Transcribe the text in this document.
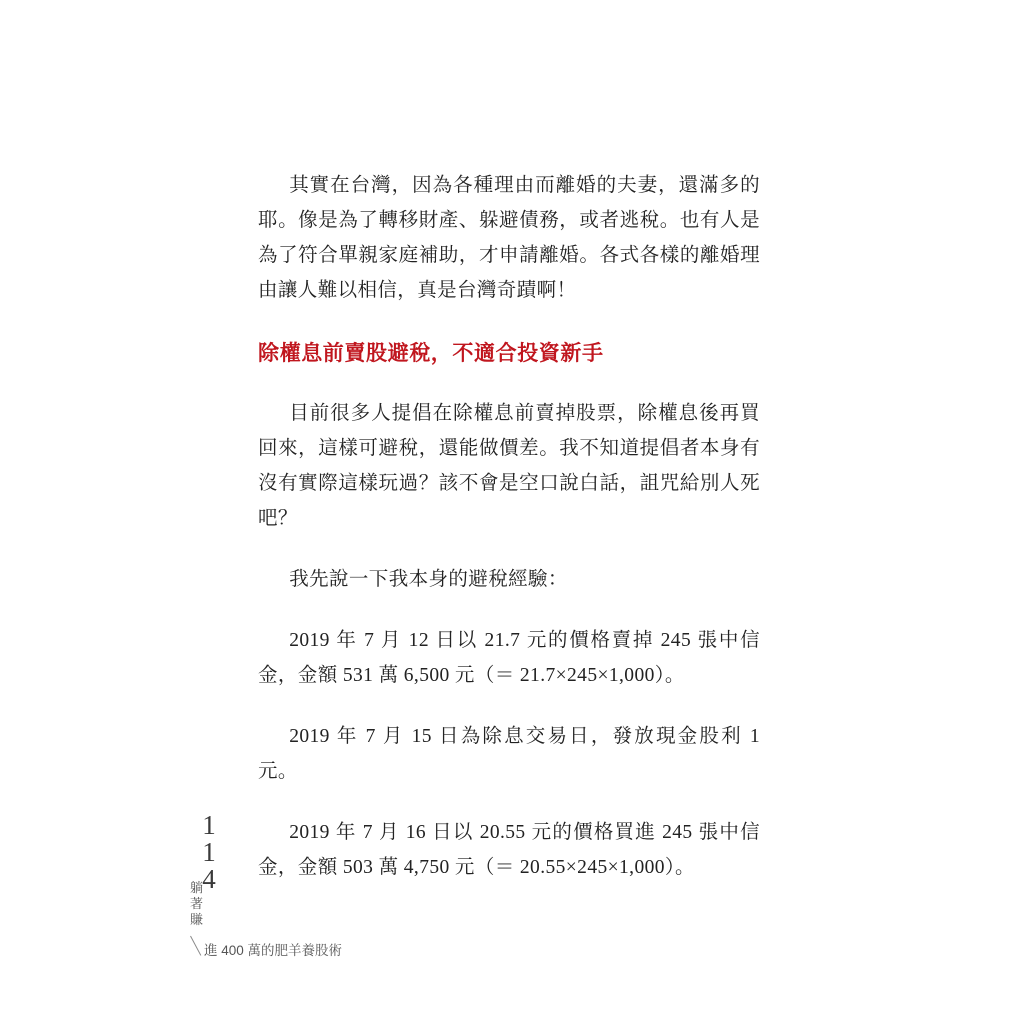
其實在台灣，因為各種理由而離婚的夫妻，還滿多的耶。像是為了轉移財產、躲避債務，或者逃稅。也有人是為了符合單親家庭補助，才申請離婚。各式各樣的離婚理由讓人難以相信，真是台灣奇蹟啊！

除權息前賣股避稅，不適合投資新手

目前很多人提倡在除權息前賣掉股票，除權息後再買回來，這樣可避稅，還能做價差。我不知道提倡者本身有沒有實際這樣玩過？該不會是空口說白話，詛咒給別人死吧？

我先說一下我本身的避稅經驗：

2019 年 7 月 12 日以 21.7 元的價格賣掉 245 張中信金，金額 531 萬 6,500 元（＝ 21.7×245×1,000）。

2019 年 7 月 15 日為除息交易日，發放現金股利 1 元。

2019 年 7 月 16 日以 20.55 元的價格買進 245 張中信金，金額 503 萬 4,750 元（＝ 20.55×245×1,000）。

1
1
4
躺
著
賺
進 400 萬的肥羊養股術
